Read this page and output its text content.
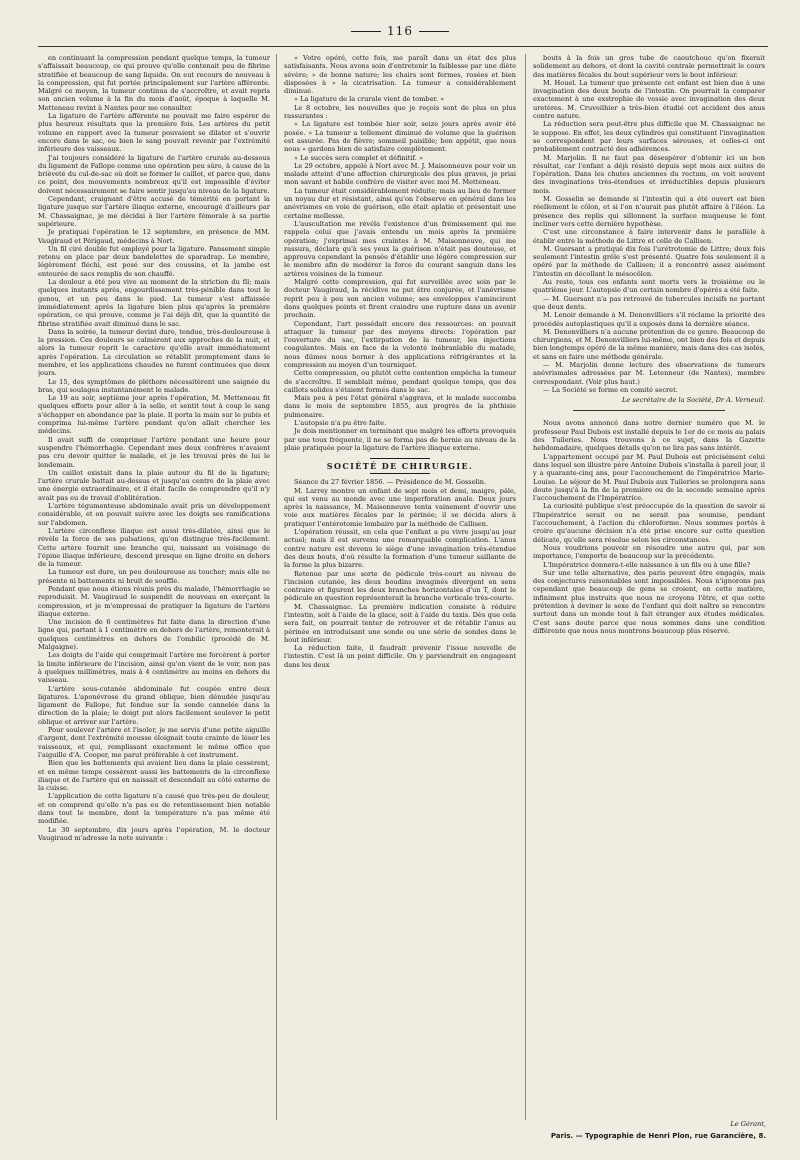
116

en continuant la compression pendant quelque temps, la tumeur s'affaissait beaucoup, ce qui prouve qu'elle contenait peu de fibrine stratifiée et beaucoup de sang liquide. On eut recours de nouveau à la compression, qui fut portée principalement sur l'artère afférente. Malgré ce moyen, la tumeur continua de s'accroître, et avait repris son ancien volume à la fin du mois d'août, époque à laquelle M. Metteneau revint à Nantes pour me consulter.

La ligature de l'artère afférente ne pouvait me faire espérer de plus heureux résultats que la première fois. Les artères du petit volume en rapport avec la tumeur pouvaient se dilater et s'ouvrir encore dans le sac, ou bien le sang pouvait revenir par l'extrémité inférieure des vaisseaux.

J'ai toujours considéré la ligature de l'artère crurale au-dessous du ligament de Fallope comme une opération peu sûre, à cause de la brièveté du cul-de-sac où doit se former le caillot, et parce que, dans ce point, des mouvements nombreux qu'il est impossible d'éviter doivent nécessairement se faire sentir jusqu'au niveau de la ligature.

Cependant, craignant d'être accusé de témérité en portant la ligature jusque sur l'artère iliaque externe, encouragé d'ailleurs par M. Chassaignac, je me décidai à lier l'artère fémorale à sa partie supérieure.

Je pratiquai l'opération le 12 septembre, en présence de MM. Vaugiraud et Périgaud, médecins à Nort.

Un fil ciré double fut employé pour la ligature. Pansement simple retenu en place par deux bandelettes de sparadrap. Le membre, légèrement fléchi, est posé sur des coussins, et la jambe est entourée de sacs remplis de son chauffé.

La douleur a été peu vive au moment de la striction du fil; mais quelques instants après, engourdissement très-pénible dans tout le genou, et un peu dans le pied. La tumeur s'est affaissée immédiatement après la ligature bien plus qu'après la première opération, ce qui prouve, comme je l'ai déjà dit, que la quantité de fibrine stratifiée avait diminué dans le sac.

Dans la soirée, la tumeur devint dure, tendue, très-douloureuse à la pression. Ces douleurs se calmèrent aux approches de la nuit, et alors la tumeur reprit le caractère qu'elle avait immédiatement après l'opération. La circulation se rétablit promptement dans le membre, et les applications chaudes ne furent continuées que deux jours.

Le 15, des symptômes de pléthore nécessitèrent une saignée du bras, qui soulagea instantanément le malade.

Le 19 au soir, septième jour après l'opération, M. Metteneau fit quelques efforts pour aller à la selle, et sentit tout à coup le sang s'échapper en abondance par la plaie. Il porta la main sur le pubis et comprima lui-même l'artère pendant qu'on allait chercher les médecins.

Il avait suffi de comprimer l'artère pendant une heure pour suspendre l'hémorrhagie. Cependant mes deux confrères n'avaient pas cru devoir quitter le malade, et je les trouvai près de lui le lendemain.

Un caillot existait dans la plaie autour du fil de la ligature; l'artère crurale battait au-dessus et jusqu'au centre de la plaie avec une énergie extraordinaire, et il était facile de comprendre qu'il n'y avait pas eu de travail d'oblitération.

L'artère tégumenteuse abdominale avait pris un développement considérable, et on pouvait suivre avec les doigts ses ramifications sur l'abdomen.

L'artère circonflexe iliaque est aussi très-dilatée, ainsi que le révèle la force de ses pulsations, qu'on distingue très-facilement. Cette artère fournit une branche qui, naissant au voisinage de l'épine iliaque inférieure, descend presque en ligne droite en dehors de la tumeur.

La tumeur est dure, un peu douloureuse au toucher; mais elle ne présente ni battements ni bruit de souffle.

Pendant que nous étions réunis près du malade, l'hémorrhagie se reproduisit. M. Vaugiraud le suspendit de nouveau en exerçant la compression, et je m'empressai de pratiquer la ligature de l'artère iliaque externe.

Une incision de 6 centimètres fut faite dans la direction d'une ligne qui, partant à 1 centimètre en dehors de l'artère, remonterait à quelques centimètres en dehors de l'ombilic (procédé de M. Malgaigne).

Les doigts de l'aide qui comprimait l'artère me forcèrent à porter la limite inférieure de l'incision, ainsi qu'on vient de le voir, non pas à quelques millimètres, mais à 4 centimètre au moins en dehors du vaisseau.

L'artère sous-cutanée abdominale fut coupée entre deux ligatures. L'aponévrose du grand oblique, bien dénudée jusqu'au ligament de Fallope, fut fendue sur la sonde cannelée dans la direction de la plaie; le doigt put alors facilement soulever le petit oblique et arriver sur l'artère.

Pour soulever l'artère et l'isoler, je me servis d'une petite aiguille d'argent, dont l'extrémité mousse éloignait toute crainte de léser les vaisseaux, et qui, remplissant exactement le même office que l'aiguille d'A. Cooper, me parut préférable à cet instrument.

Bien que les battements qui avaient lieu dans la plaie cessèrent, et en même temps cessèrent aussi les battements de la circonflexe iliaque et de l'artère qui en naissait et descendait au côté externe de la cuisse.

L'application de cette ligature n'a causé que très-peu de douleur, et on comprend qu'elle n'a pas eu de retentissement bien notable dans tout le membre, dont la température n'a pas même été modifiée.

Le 30 septembre, dix jours après l'opération, M. le docteur Vaugiraud m'adresse la note suivante :

« Votre opéré, cette fois, me paraît dans un état des plus satisfaisants. Nous avons soin d'entretenir la faiblesse par une diète sévère; » de bonne nature; les chairs sont fermes, rosées et bien disposées à » la cicatrisation. La tumeur a considérablement diminué.

» La ligature de la crurale vient de tomber. »

Le 8 octobre, les nouvelles que je reçois sont de plus en plus rassurantes :

« La ligature est tombée hier soir, seize jours après avoir été posée. » La tumeur a tellement diminué de volume que la guérison est assurée. Pas de fièvre; sommeil paisible; bon appétit, que nous nous » gardons bien de satisfaire complètement.

» Le succès sera complet et définitif. »

Le 29 octobre, appelé à Nort avec M. J. Maisonneuve pour voir un malade atteint d'une affection chirurgicale des plus graves, je priai mon savant et habile confrère de visiter avec moi M. Metteneau.

La tumeur était considérablement réduite; mais au lieu de former un noyau dur et résistant, ainsi qu'on l'observe en général dans les anévrismes en voie de guérison, elle était aplatie et présentait une certaine mollesse.

L'auscultation me révéla l'existence d'un frémissement qui me rappela celui que j'avais entendu un mois après la première opération; j'exprimai mes craintes à M. Maisonneuve, qui me rassura, déclara qu'à ses yeux la guérison n'était pas douteuse, et approuva cependant la pensée d'établir une légère compression sur le membre afin de modérer la force du courant sanguin dans les artères voisines de la tumeur.

Malgré cette compression, qui fut surveillée avec soin par le docteur Vaugiraud, la récidive ne put être conjurée, et l'anévrisme reprit peu à peu son ancien volume; ses enveloppes s'amincirent dans quelques points et firent craindre une rupture dans un avenir prochain.

Cependant, l'art possédait encore des ressources: on pouvait attaquer la tumeur par des moyens directs: l'opération par l'ouverture du sac, l'extirpation de la tumeur, les injections coagulantes. Mais en face de la volonté inébranlable du malade, nous dûmes nous borner à des applications réfrigérantes et la compression au moyen d'un tourniquet.

Cette compression, ou plutôt cette contention empêcha la tumeur de s'accroître. Il semblait même, pendant quelque temps, que des caillots solides s'étaient formés dans le sac.

Mais peu à peu l'état général s'aggrava, et le malade succomba dans le mois de septembre 1855, aux progrès de la phthisie pulmonaire.

L'autopsie n'a pu être faite.

Je dois mentionner en terminant que malgré les efforts provoqués par une toux fréquente, il ne se forma pas de hernie au niveau de la plaie pratiquée pour la ligature de l'artère iliaque externe.

SOCIÉTÉ DE CHIRURGIE.

Séance du 27 février 1856. — Présidence de M. Gosselin.

M. Larrey montre un enfant de sept mois et demi, maigre, pâle, qui est venu au monde avec une imperforation anale. Deux jours après la naissance, M. Maisonneuve tenta vainement d'ouvrir une voie aux matières fécales par le périnée; il se décida alors à pratiquer l'entérotomie lombaire par la méthode de Callisen.

L'opération réussit, en cela que l'enfant a pu vivre jusqu'au jour actuel; mais il est survenu une remarquable complication. L'anus contre nature est devenu le siège d'une invagination très-étendue des deux bouts, d'où résulte la formation d'une tumeur saillante de la forme la plus bizarre.

Retenue par une sorte de pédicule très-court au niveau de l'incision cutanée, les deux boudins invaginés divergent en sens contraire et figurent les deux branches horizontales d'un T, dont le pédicule en question représenterait la branche verticale très-courte.

M. Chassaignac. La première indication consiste à réduire l'intestin, soit à l'aide de la glace, soit à l'aide du taxis. Dès que cela sera fait, on pourrait tenter de retrouver et de rétablir l'anus au périnée en introduisant une sonde ou une série de sondes dans le bout inférieur.

La réduction faite, il faudrait prévenir l'issue nouvelle de l'intestin. C'est là un point difficile. On y parviendrait en engageant dans les deux

bouts à la fois un gros tube de caoutchouc qu'on fixerait solidement au dehors, et dont la cavité centrale permettrait le cours des matières fécales du bout supérieur vers le bout inférieur.

M. Houel. La tumeur que présente cet enfant est bien due à une invagination des deux bouts de l'intestin. On pourrait la comparer exactement à une exstrophie de vessie avec invagination des deux uretères. M. Cruveilhier a très-bien étudié cet accident des anus contre nature.

La réduction sera peut-être plus difficile que M. Chassaignac ne le suppose. En effet, les deux cylindres qui constituent l'invagination se correspondent par leurs surfaces séreuses, et celles-ci ont probablement contracté des adhérences.

M. Marjolin. Il ne faut pas désespérer d'obtenir ici un bon résultat, car l'enfant a déjà résisté depuis sept mois aux suites de l'opération. Dans les chutes anciennes du rectum, on voit souvent des invaginations très-étendues et irréductibles depuis plusieurs mois.

M. Gosselin se demande si l'intestin qui a été ouvert est bien réellement le côlon, et si l'on n'aurait pas plutôt affaire à l'iléon. La présence des replis qui sillonnent la surface muqueuse le font incliner vers cette dernière hypothèse.

C'est une circonstance à faire intervenir dans le parallèle à établir entre la méthode de Littre et celle de Callisen.

M. Guersant a pratiqué dix fois l'urétrotomie de Littre; deux fois seulement l'intestin grêle s'est présenté. Quatre fois seulement il a opéré par la méthode de Callisen; il a rencontré assez aisément l'intestin en décollant le mésocôlon.

Au reste, tous ces enfants sont morts vers le troisième ou le quatrième jour. L'autopsie d'un certain nombre d'opérés a été faite.

— M. Guersant n'a pas retrouvé de tubercules incisifs ne portant que deux dents.

M. Lenoir demande à M. Denonvilliers s'il réclame la priorité des procédés autoplastiques qu'il a exposés dans la dernière séance.

M. Denonvilliers n'a aucune prétention de ce genre. Beaucoup de chirurgiens, et M. Denonvilliers lui-même, ont bien des fois et depuis bien longtemps opéré de la même manière, mais dans des cas isolés, et sans en faire une méthode générale.

— M. Marjolin donne lecture des observations de tumeurs anévrismales adressées par M. Letenneur (de Nantes), membre correspondant. (Voir plus haut.)

— La Société se forme en comité secret.

Le secrétaire de la Société, Dr A. Verneuil.

Nous avons annoncé dans notre dernier numéro que M. le professeur Paul Dubois est installé depuis le 1er de ce mois au palais des Tuileries. Nous trouvons à ce sujet, dans la Gazette hebdomadaire, quelques détails qu'on ne lira pas sans intérêt.

L'appartement occupé par M. Paul Dubois est précisément celui dans lequel son illustre père Antoine Dubois s'installa à pareil jour, il y a quarante-cinq ans, pour l'accouchement de l'impératrice Marie-Louise. Le séjour de M. Paul Dubois aux Tuileries se prolongera sans doute jusqu'à la fin de la première ou de la seconde semaine après l'accouchement de l'Impératrice.

La curiosité publique s'est préoccupée de la question de savoir si l'Impératrice serait ou ne serait pas soumise, pendant l'accouchement, à l'action du chloroforme. Nous sommes portés à croire qu'aucune décision n'a été prise encore sur cette question délicate, qu'elle sera résolue selon les circonstances.

Nous voudrions pouvoir en résoudre une autre qui, par son importance, l'emporte de beaucoup sur la précédente.

L'Impératrice donnera-t-elle naissance à un fils ou à une fille?

Sur une telle alternative, des paris peuvent être engagés, mais des conjectures raisonnables sont impossibles. Nous n'ignorons pas cependant que beaucoup de gens se croient, en cette matière, infiniment plus instruits que nous ne croyons l'être, et que cette prétention à deviner le sexe de l'enfant qui doit naître se rencontre surtout dans un monde tout à fait étranger aux études médicales. C'est sans doute parce que nous sommes dans une condition différente que nous nous montrons beaucoup plus réservé.

Le Gérant,
Paris. — Typographie de Henri Plon, rue Garancière, 8.
